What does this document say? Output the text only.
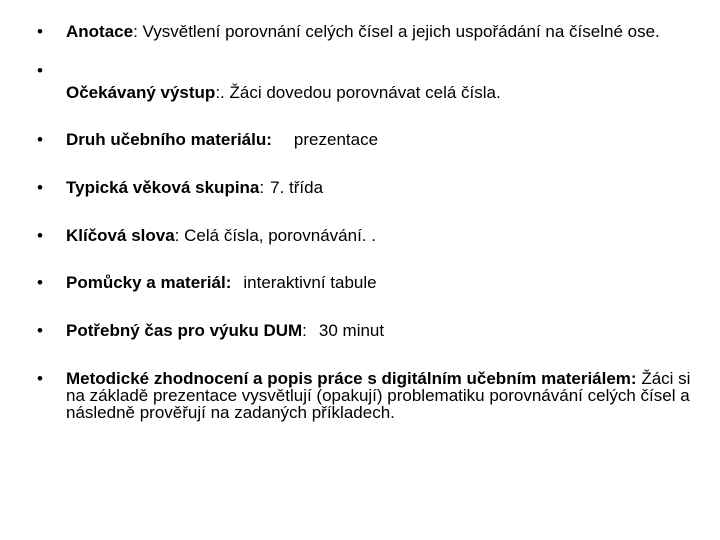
•	Anotace: Vysvětlení porovnání celých čísel a jejich uspořádání na číselné ose.
•
Očekávaný výstup:. Žáci dovedou porovnávat celá čísla.
•	Druh učebního materiálu: prezentace
•	Typická věková skupina: 7. třída
•	Klíčová slova: Celá čísla, porovnávání. .
•	Pomůcky a materiál: interaktivní tabule
•	Potřebný čas pro výuku DUM: 30 minut
•	Metodické zhodnocení a popis práce s digitálním učebním materiálem: Žáci si na základě prezentace vysvětlují (opakují) problematiku porovnávání celých čísel a následně prověřují na zadaných příkladech.
